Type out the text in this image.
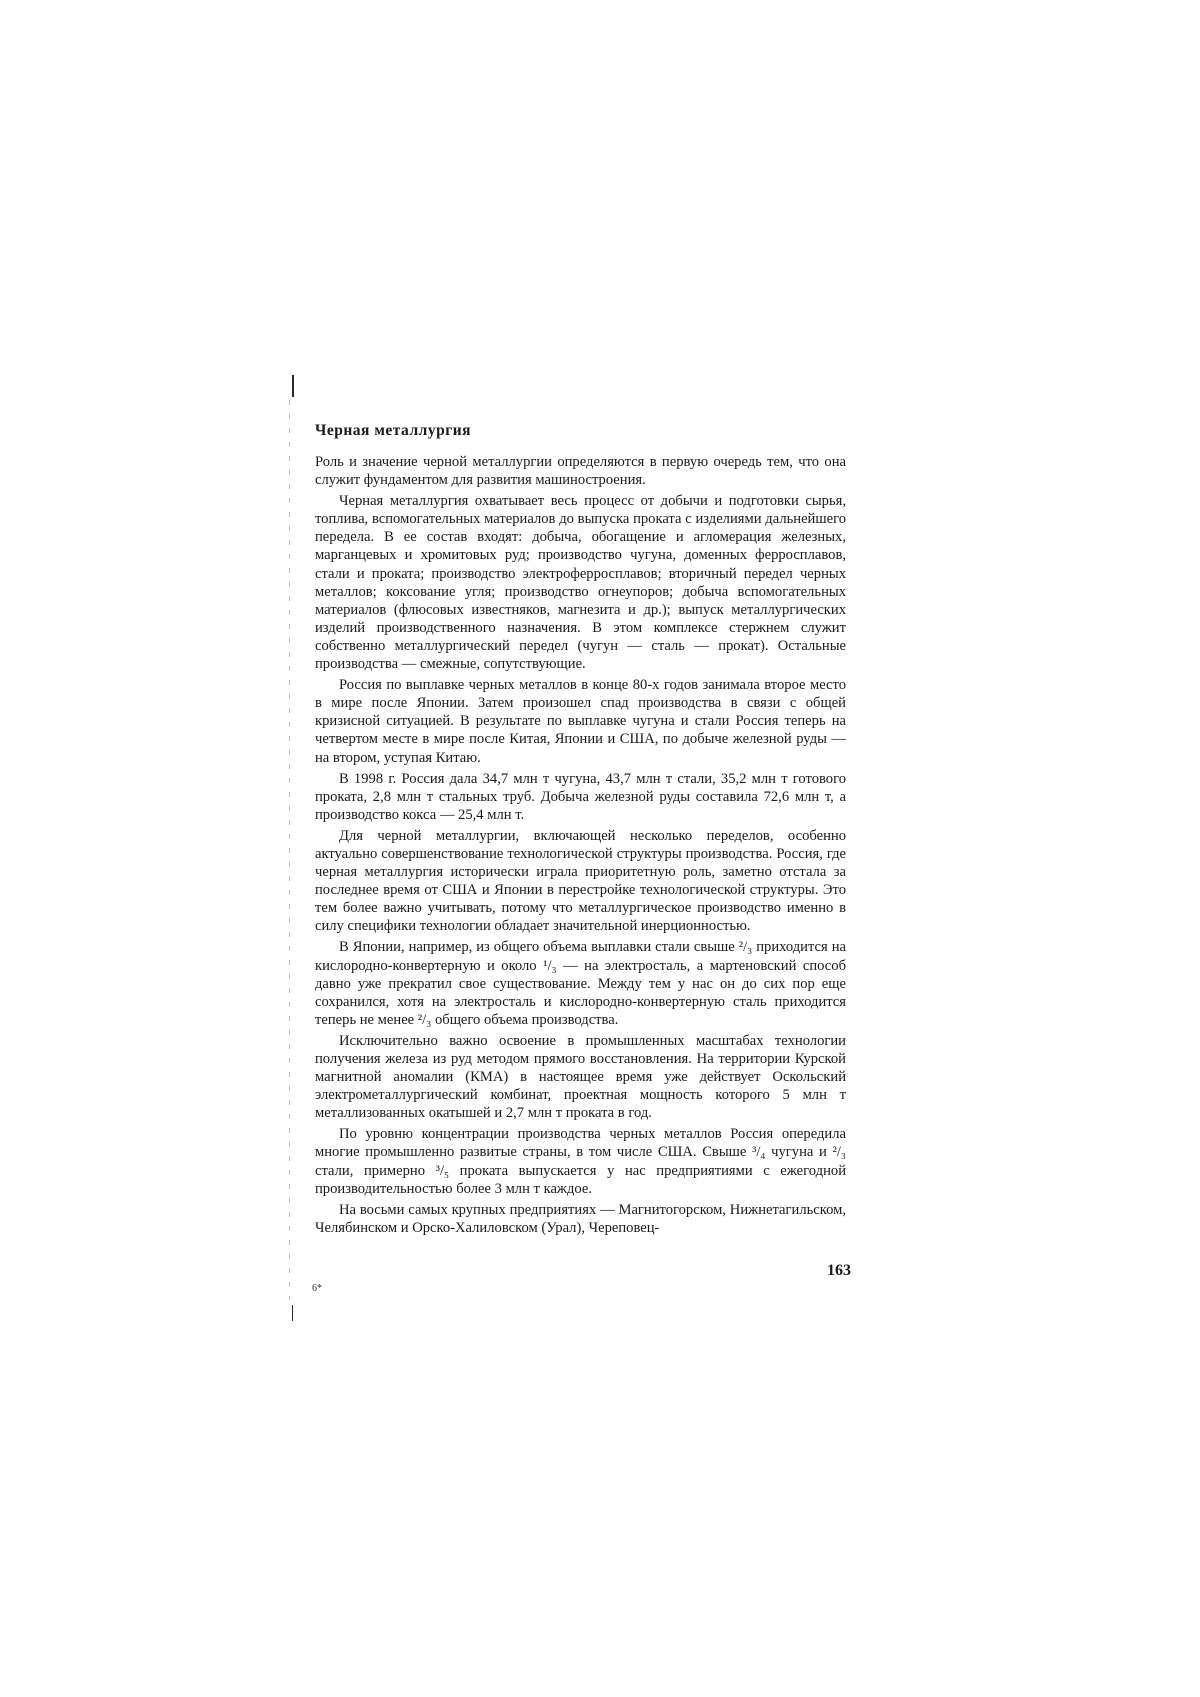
Черная металлургия

Роль и значение черной металлургии определяются в первую очередь тем, что она служит фундаментом для развития машиностроения.

Черная металлургия охватывает весь процесс от добычи и подготовки сырья, топлива, вспомогательных материалов до выпуска проката с изделиями дальнейшего передела. В ее состав входят: добыча, обогащение и агломерация железных, марганцевых и хромитовых руд; производство чугуна, доменных ферросплавов, стали и проката; производство электроферросплавов; вторичный передел черных металлов; коксование угля; производство огнеупоров; добыча вспомогательных материалов (флюсовых известняков, магнезита и др.); выпуск металлургических изделий производственного назначения. В этом комплексе стержнем служит собственно металлургический передел (чугун — сталь — прокат). Остальные производства — смежные, сопутствующие.

Россия по выплавке черных металлов в конце 80-х годов занимала второе место в мире после Японии. Затем произошел спад производства в связи с общей кризисной ситуацией. В результате по выплавке чугуна и стали Россия теперь на четвертом месте в мире после Китая, Японии и США, по добыче железной руды — на втором, уступая Китаю.

В 1998 г. Россия дала 34,7 млн т чугуна, 43,7 млн т стали, 35,2 млн т готового проката, 2,8 млн т стальных труб. Добыча железной руды составила 72,6 млн т, а производство кокса — 25,4 млн т.

Для черной металлургии, включающей несколько переделов, особенно актуально совершенствование технологической структуры производства. Россия, где черная металлургия исторически играла приоритетную роль, заметно отстала за последнее время от США и Японии в перестройке технологической структуры. Это тем более важно учитывать, потому что металлургическое производство именно в силу специфики технологии обладает значительной инерционностью.

В Японии, например, из общего объема выплавки стали свыше ²/₃ приходится на кислородно-конвертерную и около ¹/₃ — на электросталь, а мартеновский способ давно уже прекратил свое существование. Между тем у нас он до сих пор еще сохранился, хотя на электросталь и кислородно-конвертерную сталь приходится теперь не менее ²/₃ общего объема производства.

Исключительно важно освоение в промышленных масштабах технологии получения железа из руд методом прямого восстановления. На территории Курской магнитной аномалии (КМА) в настоящее время уже действует Оскольский электрометаллургический комбинат, проектная мощность которого 5 млн т металлизованных окатышей и 2,7 млн т проката в год.

По уровню концентрации производства черных металлов Россия опередила многие промышленно развитые страны, в том числе США. Свыше ³/₄ чугуна и ²/₃ стали, примерно ³/₅ проката выпускается у нас предприятиями с ежегодной производительностью более 3 млн т каждое.

На восьми самых крупных предприятиях — Магнитогорском, Нижнетагильском, Челябинском и Орско-Халиловском (Урал), Череповец-

163
6*
